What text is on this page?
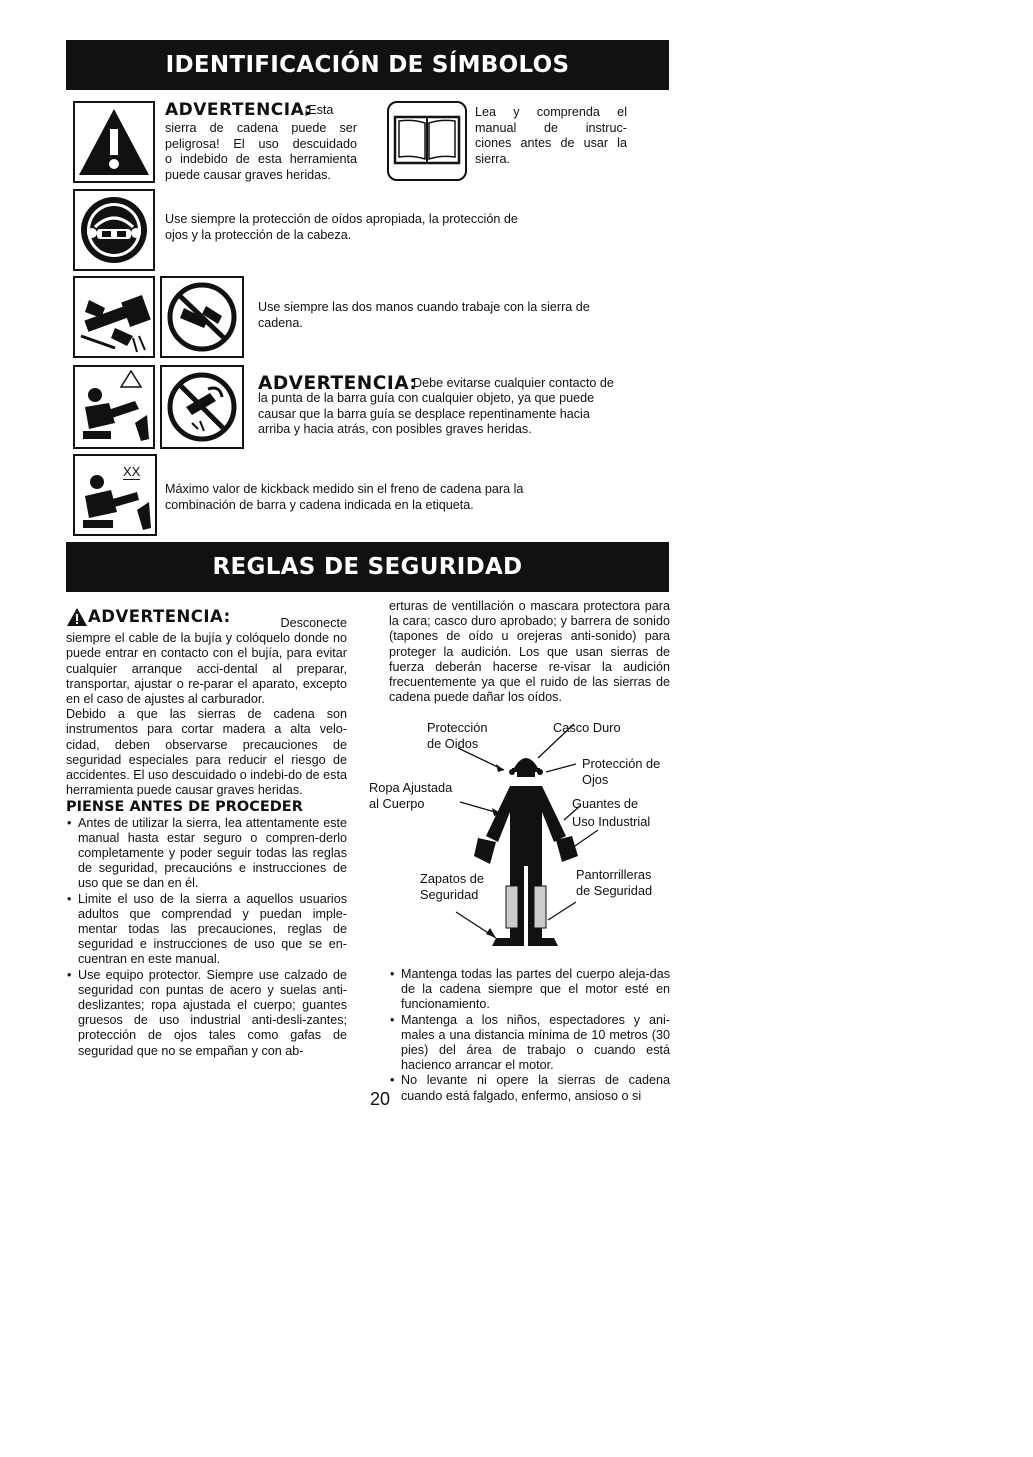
IDENTIFICACIÓN DE SÍMBOLOS
ADVERTENCIA:
¡Esta
sierra de cadena puede ser
peligrosa! El uso descuidado
o indebido de esta herramienta
puede causar graves heridas.
Lea y comprenda el
manual de instruc-
ciones antes de usar la
sierra.
Use siempre la protección de oídos apropiada, la protección de
ojos y la protección de la cabeza.
Use siempre las dos manos cuando trabaje con la sierra de
cadena.
ADVERTENCIA:
Debe evitarse cualquier contacto de
la punta de la barra guía con cualquier objeto, ya que puede
causar que la barra guía se desplace repentinamente hacia
arriba y hacia atrás, con posibles graves heridas.
XX
Máximo valor de kickback medido sin el freno de cadena para la
combinación de barra y cadena indicada en la etiqueta.
REGLAS DE SEGURIDAD
ADVERTENCIA:	Desconecte

siempre el cable de la bujía y colóquelo donde no puede entrar en contacto con el bujía, para evitar cualquier arranque acci-dental al preparar, transportar, ajustar o re-parar el aparato, excepto en el caso de ajustes al carburador.

Debido a que las sierras de cadena son instrumentos para cortar madera a alta velo-cidad, deben observarse precauciones de seguridad especiales para reducir el riesgo de accidentes. El uso descuidado o indebi-do de esta herramienta puede causar graves heridas.

PIENSE ANTES DE PROCEDER
• Antes de utilizar la sierra, lea attentamente este manual hasta estar seguro o compren-derlo completamente y poder seguir todas las reglas de seguridad, precaucións e instrucciones de uso que se dan en él.
• Limite el uso de la sierra a aquellos usuarios adultos que comprendad y puedan imple-mentar todas las precauciones, reglas de seguridad e instrucciones de uso que se en-cuentran en este manual.
• Use equipo protector. Siempre use calzado de seguridad con puntas de acero y suelas anti-deslizantes; ropa ajustada el cuerpo; guantes gruesos de uso industrial anti-desli-zantes; protección de ojos tales como gafas de seguridad que no se empañan y con ab-

erturas de ventillación o mascara protectora para la cara; casco duro aprobado; y barrera de sonido (tapones de oído u orejeras anti-sonido) para proteger la audición. Los que usan sierras de fuerza deberán hacerse re-visar la audición frecuentemente ya que el ruido de las sierras de cadena puede dañar los oídos.

Protección
de Oidos
Casco Duro
Protección de
Ojos
Ropa Ajustada
al Cuerpo	Guantes de
Uso Industrial
Zapatos de
Seguridad
Pantorrilleras
de Seguridad
• Mantenga todas las partes del cuerpo aleja-das de la cadena siempre que el motor esté en funcionamiento.
• Mantenga a los niños, espectadores y ani-males a una distancia mínima de 10 metros (30 pies) del área de trabajo o cuando está hacienco arrancar el motor.
• No levante ni opere la sierras de cadena cuando está falgado, enfermo, ansioso o si
20
